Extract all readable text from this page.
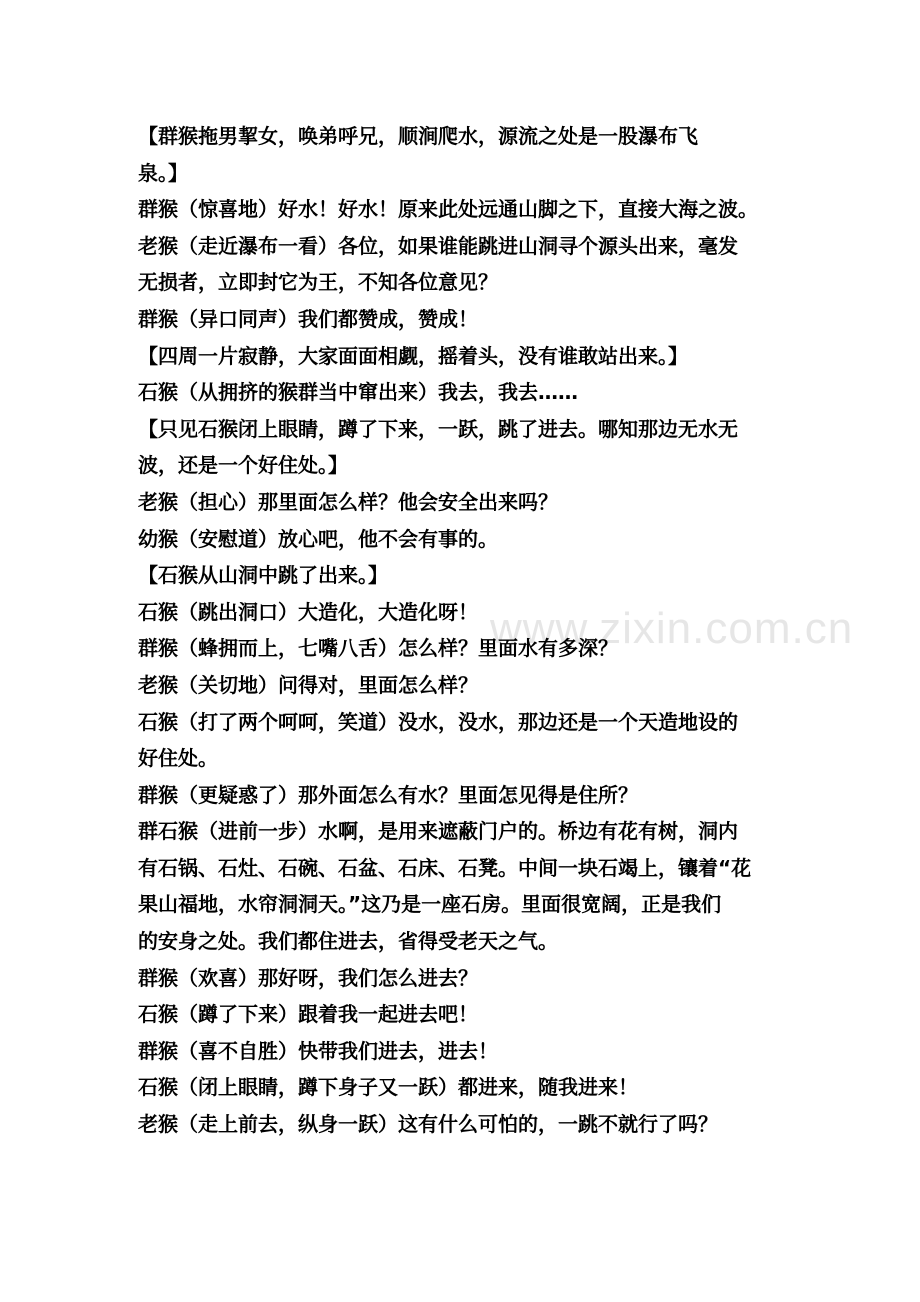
www.zixin.com.cn
【群猴拖男挈女，唤弟呼兄，顺涧爬水，源流之处是一股瀑布飞
泉。】
群猴（惊喜地）好水！好水！原来此处远通山脚之下，直接大海之波。
老猴（走近瀑布一看）各位，如果谁能跳进山洞寻个源头出来，毫发
无损者，立即封它为王，不知各位意见？
群猴（异口同声）我们都赞成，赞成！
【四周一片寂静，大家面面相觑，摇着头，没有谁敢站出来。】
石猴（从拥挤的猴群当中窜出来）我去，我去……
【只见石猴闭上眼睛，蹲了下来，一跃，跳了进去。哪知那边无水无
波，还是一个好住处。】
老猴（担心）那里面怎么样？他会安全出来吗？
幼猴（安慰道）放心吧，他不会有事的。
【石猴从山洞中跳了出来。】
石猴（跳出洞口）大造化，大造化呀！
群猴（蜂拥而上，七嘴八舌）怎么样？里面水有多深？
老猴（关切地）问得对，里面怎么样？
石猴（打了两个呵呵，笑道）没水，没水，那边还是一个天造地设的
好住处。
群猴（更疑惑了）那外面怎么有水？里面怎见得是住所？
群石猴（进前一步）水啊，是用来遮蔽门户的。桥边有花有树，洞内
有石锅、石灶、石碗、石盆、石床、石凳。中间一块石竭上，镶着“花
果山福地，水帘洞洞天。”这乃是一座石房。里面很宽阔，正是我们
的安身之处。我们都住进去，省得受老天之气。
群猴（欢喜）那好呀，我们怎么进去？
石猴（蹲了下来）跟着我一起进去吧！
群猴（喜不自胜）快带我们进去，进去！
石猴（闭上眼睛，蹲下身子又一跃）都进来，随我进来！
老猴（走上前去，纵身一跃）这有什么可怕的，一跳不就行了吗？
